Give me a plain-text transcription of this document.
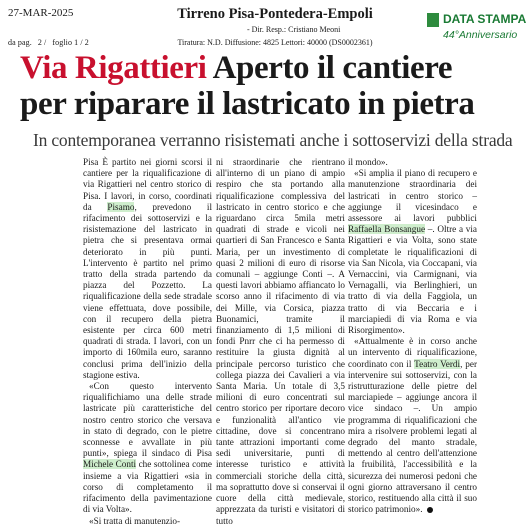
27-MAR-2025
da pag. 2 / foglio 1 / 2
Tirreno Pisa-Pontedera-Empoli
- Dir. Resp.: Cristiano Meoni
Tiratura: N.D. Diffusione: 4825 Lettori: 40000 (DS0002361)
DATA STAMPA
44°Anniversario
Via Rigattieri Aperto il cantiere
per riparare il lastricato in pietra

In contemporanea verranno risistemati anche i sottoservizi della strada

Pisa È partito nei giorni scorsi il cantiere per la riqualificazione di via Rigattieri nel centro storico di Pisa. I lavori, in corso, coordinati da Pisamo, prevedono il rifacimento dei sottoservizi e la risistemazione del lastricato in pietra che si presentava ormai deteriorato in più punti. L'intervento è partito nel primo tratto della strada partendo da piazza del Pozzetto. La riqualificazione della sede stradale viene effettuata, dove possibile, con il recupero della pietra esistente per circa 600 metri quadrati di strada. I lavori, con un importo di 160mila euro, saranno conclusi prima dell'inizio della stagione estiva.

«Con questo intervento riqualifichiamo una delle strade lastricate più caratteristiche del nostro centro storico che versava in stato di degrado, con le pietre sconnesse e avvallate in più punti», spiega il sindaco di Pisa Michele Conti che sottolinea come insieme a via Rigattieri «sia in corso di completamento il rifacimento della pavimentazione di via Volta».

«Si tratta di manutenzio-

ni straordinarie che rientrano all'interno di un piano di ampio respiro che sta portando alla riqualificazione complessiva del lastricato in centro storico e che riguardano circa 5mila metri quadrati di strade e vicoli nei quartieri di San Francesco e Santa Maria, per un investimento di quasi 2 milioni di euro di risorse comunali – aggiunge Conti –. A questi lavori abbiamo affiancato lo scorso anno il rifacimento di via dei Mille, via Corsica, piazza Buonamici, tramite il finanziamento di 1,5 milioni di fondi Pnrr che ci ha permesso di restituire la giusta dignità al principale percorso turistico che collega piazza dei Cavalieri a via Santa Maria. Un totale di 3,5 milioni di euro concentrati sul centro storico per riportare decoro e funzionalità all'antico vie cittadine, dove si concentrano tante attrazioni importanti come sedi universitarie, punti di interesse turistico e attività commerciali storiche della città, ma soprattutto dove si conservai il cuore della città medievale, apprezzata da turisti e visitatori di tutto

il mondo».

«Si amplia il piano di recupero e manutenzione straordinaria dei lastricati in centro storico – aggiunge il vicesindaco e assessore ai lavori pubblici Raffaella Bonsangue –. Oltre a via Rigattieri e via Volta, sono state completate le riqualificazioni di via San Nicola, via Coccapani, via Vernaccini, via Carmignani, via Vernagalli, via Berlinghieri, un tratto di via della Faggiola, un tratto di via Beccaria e i marciapiedi di via Roma e via Risorgimento».

«Attualmente è in corso anche un intervento di riqualificazione, coordinato con il Teatro Verdi, per intervenire sui sottoservizi, con la ristrutturazione delle pietre del marciapiede – aggiunge ancora il vice sindaco –. Un ampio programma di riqualificazioni che mira a risolvere problemi legati al degrado del manto stradale, mettendo al centro dell'attenzione la fruibilità, l'accessibilità e la sicurezza dei numerosi pedoni che ogni giorno attraversano il centro storico, restituendo alla città il suo storico patrimonio».
